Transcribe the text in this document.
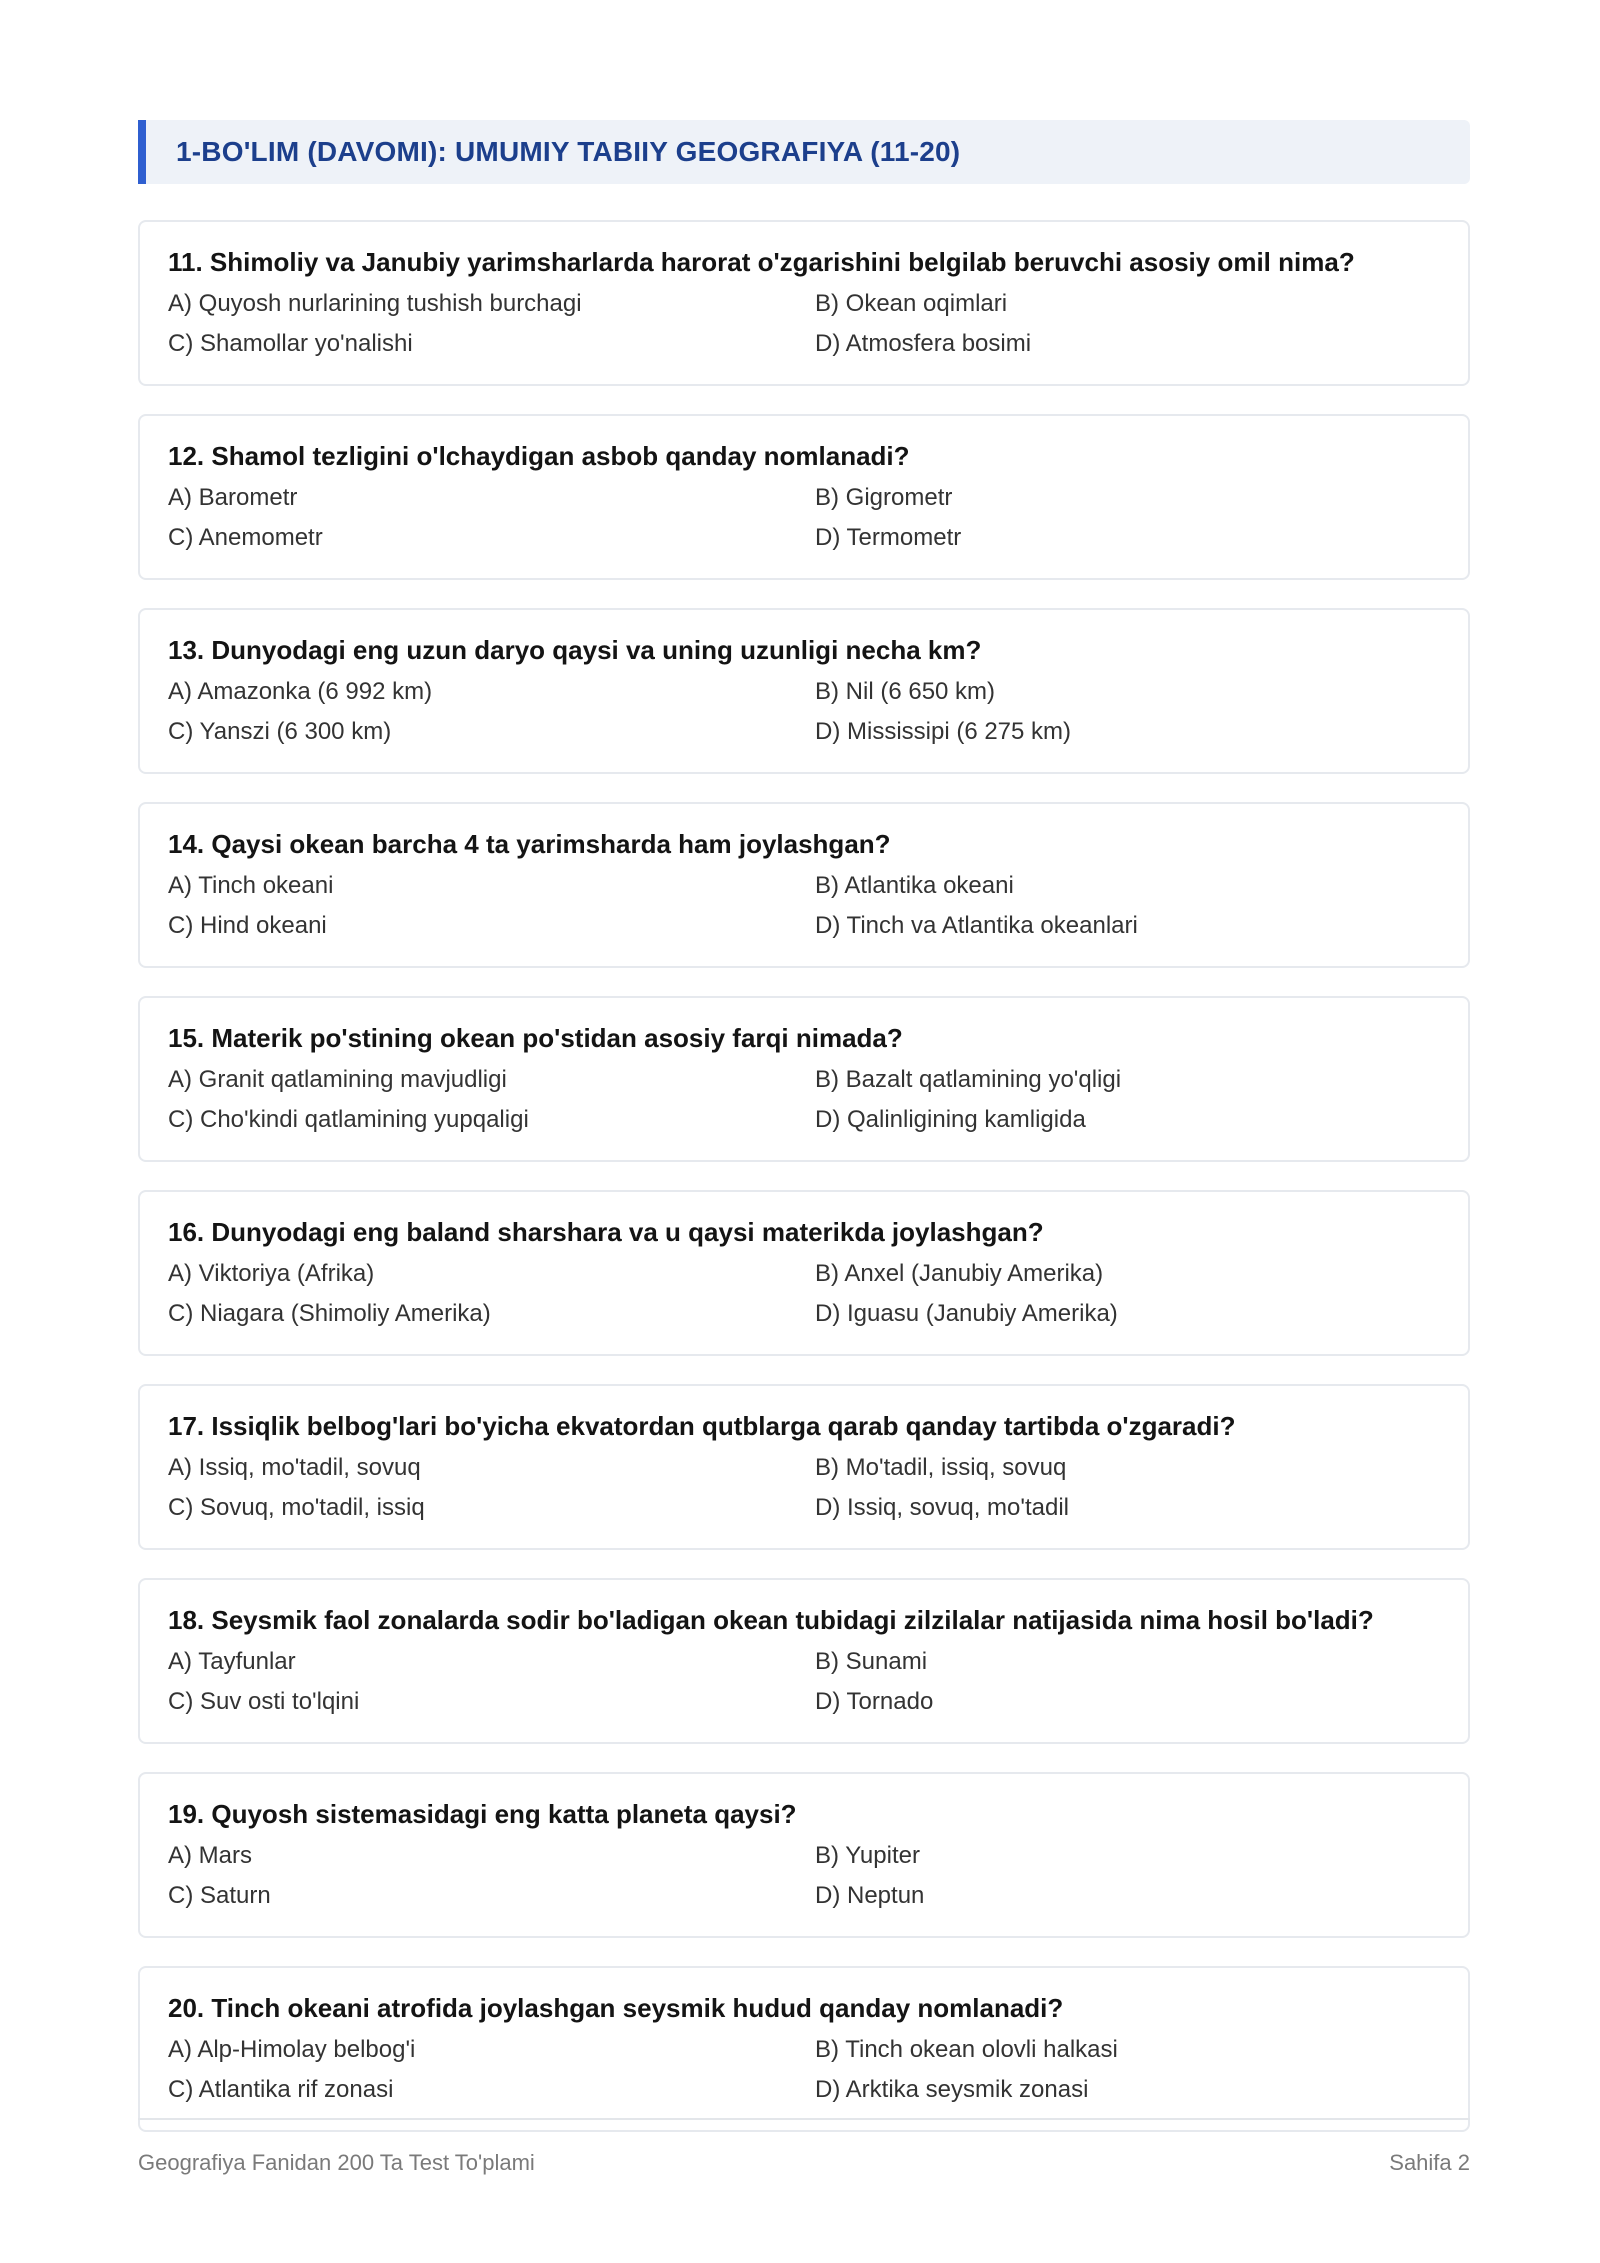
1-BO'LIM (DAVOMI): UMUMIY TABIIY GEOGRAFIYA (11-20)
11. Shimoliy va Janubiy yarimsharlarda harorat o'zgarishini belgilab beruvchi asosiy omil nima?
A) Quyosh nurlarining tushish burchagi	B) Okean oqimlari
C) Shamollar yo'nalishi	D) Atmosfera bosimi
12. Shamol tezligini o'lchaydigan asbob qanday nomlanadi?
A) Barometr	B) Gigrometr
C) Anemometr	D) Termometr
13. Dunyodagi eng uzun daryo qaysi va uning uzunligi necha km?
A) Amazonka (6 992 km)	B) Nil (6 650 km)
C) Yanszi (6 300 km)	D) Mississipi (6 275 km)
14. Qaysi okean barcha 4 ta yarimsharda ham joylashgan?
A) Tinch okeani	B) Atlantika okeani
C) Hind okeani	D) Tinch va Atlantika okeanlari
15. Materik po'stining okean po'stidan asosiy farqi nimada?
A) Granit qatlamining mavjudligi	B) Bazalt qatlamining yo'qligi
C) Cho'kindi qatlamining yupqaligi	D) Qalinligining kamligida
16. Dunyodagi eng baland sharshara va u qaysi materikda joylashgan?
A) Viktoriya (Afrika)	B) Anxel (Janubiy Amerika)
C) Niagara (Shimoliy Amerika)	D) Iguasu (Janubiy Amerika)
17. Issiqlik belbog'lari bo'yicha ekvatordan qutblarga qarab qanday tartibda o'zgaradi?
A) Issiq, mo'tadil, sovuq	B) Mo'tadil, issiq, sovuq
C) Sovuq, mo'tadil, issiq	D) Issiq, sovuq, mo'tadil
18. Seysmik faol zonalarda sodir bo'ladigan okean tubidagi zilzilalar natijasida nima hosil bo'ladi?
A) Tayfunlar	B) Sunami
C) Suv osti to'lqini	D) Tornado
19. Quyosh sistemasidagi eng katta planeta qaysi?
A) Mars	B) Yupiter
C) Saturn	D) Neptun
20. Tinch okeani atrofida joylashgan seysmik hudud qanday nomlanadi?
A) Alp-Himolay belbog'i	B) Tinch okean olovli halkasi
C) Atlantika rif zonasi	D) Arktika seysmik zonasi
Geografiya Fanidan 200 Ta Test To'plami	Sahifa 2
